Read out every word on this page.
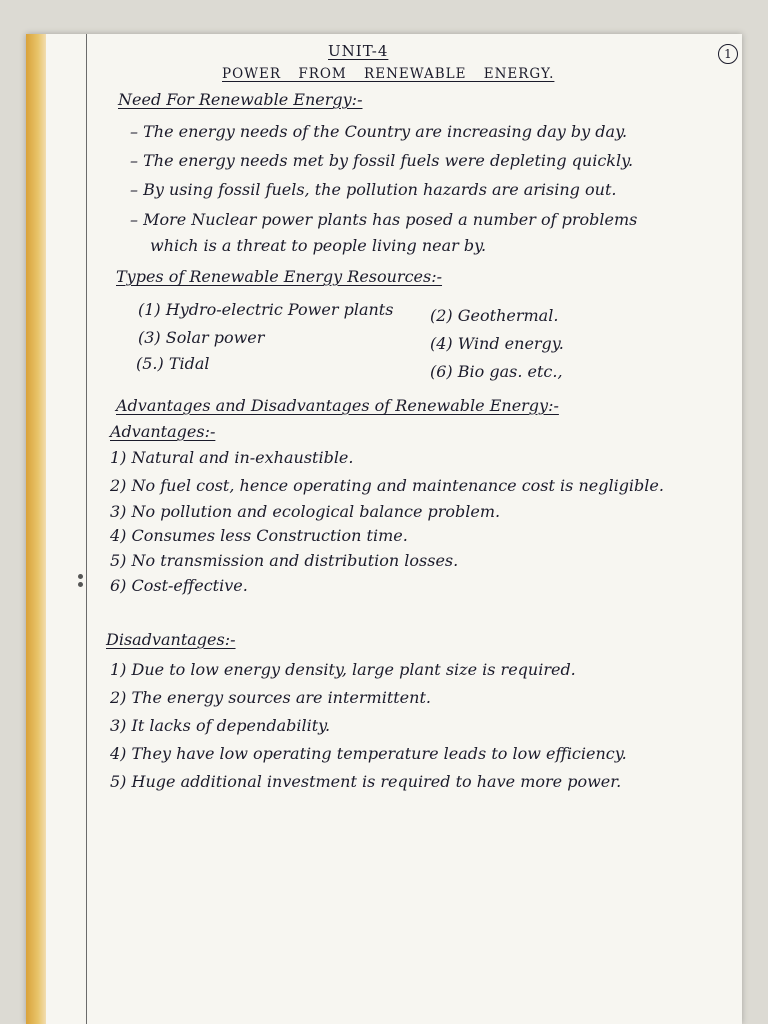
1
UNIT-4
POWER FROM RENEWABLE ENERGY.
Need For Renewable Energy:-
– The energy needs of the Country are increasing day by day.
– The energy needs met by fossil fuels were depleting quickly.
– By using fossil fuels, the pollution hazards are arising out.
– More Nuclear power plants has posed a number of problems
which is a threat to people living near by.
Types of Renewable Energy Resources:-
(1) Hydro-electric Power plants (2) Geothermal.
(3) Solar power	(4) Wind energy.
(5.) Tidal	(6) Bio gas. etc.,
Advantages and Disadvantages of Renewable Energy:-
Advantages:-
1) Natural and in-exhaustible.
2) No fuel cost, hence operating and maintenance cost is negligible.
3) No pollution and ecological balance problem.
4) Consumes less Construction time.
5) No transmission and distribution losses.
6) Cost-effective.
Disadvantages:-
1) Due to low energy density, large plant size is required.
2) The energy sources are intermittent.
3) It lacks of dependability.
4) They have low operating temperature leads to low efficiency.
5) Huge additional investment is required to have more power.
